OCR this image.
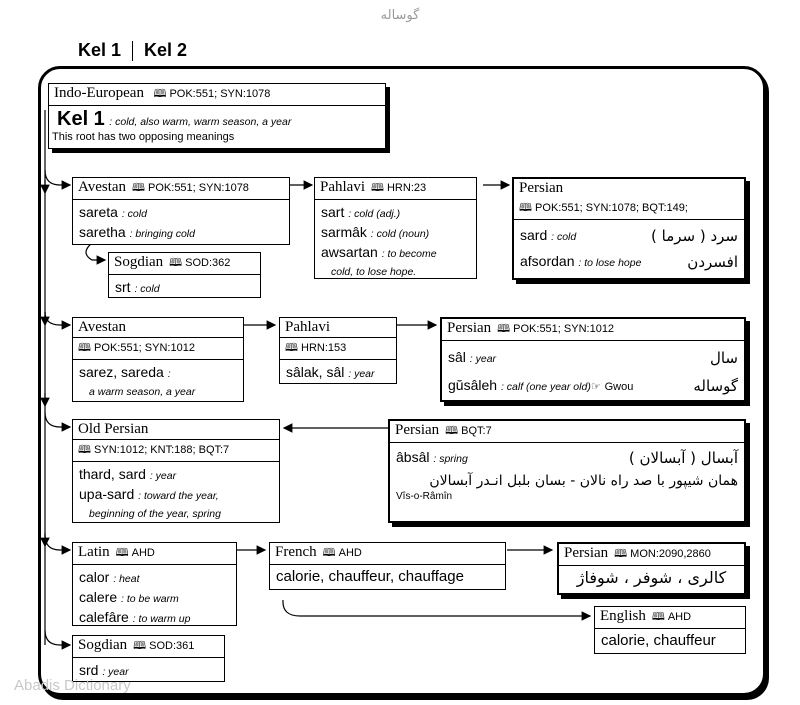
گوساله
Kel 1 Kel 2
Indo-European 🕮 POK:551; SYN:1078
Kel 1 : cold, also warm, warm season, a year
This root has two opposing meanings
Avestan 🕮 POK:551; SYN:1078
sareta : cold
saretha : bringing cold
Sogdian 🕮 SOD:362
srt : cold
Pahlavi 🕮 HRN:23
sart : cold (adj.)
sarmâk : cold (noun)
awsartan : to become
cold, to lose hope.
Persian
🕮 POK:551; SYN:1078; BQT:149;
sard : cold	سرد ( سرما )
afsordan : to lose hope	افسردن
Avestan
🕮 POK:551; SYN:1012
sarez, sareda :
a warm season, a year
Pahlavi
🕮 HRN:153
sâlak, sâl : year
Persian 🕮 POK:551; SYN:1012
sâl : year	سال
gŭsâleh : calf (one year old)☞ Gwou	گوساله
Old Persian
🕮 SYN:1012; KNT:188; BQT:7
thard, sard : year
upa-sard : toward the year,
beginning of the year, spring
Persian 🕮 BQT:7
âbsâl : spring	آبسال ( آبسالان )
همان شیپور با صد راه نالان - بسان بلبل انـدر آبسالان
Vîs-o-Râmîn
Latin 🕮 AHD
calor : heat
calere : to be warm
calefâre : to warm up
French 🕮 AHD
calorie, chauffeur, chauffage
Persian 🕮 MON:2090,2860
کالری ، شوفر ، شوفاژ
English 🕮 AHD
calorie, chauffeur
Sogdian 🕮 SOD:361
srd : year
Abadis Dictionary
